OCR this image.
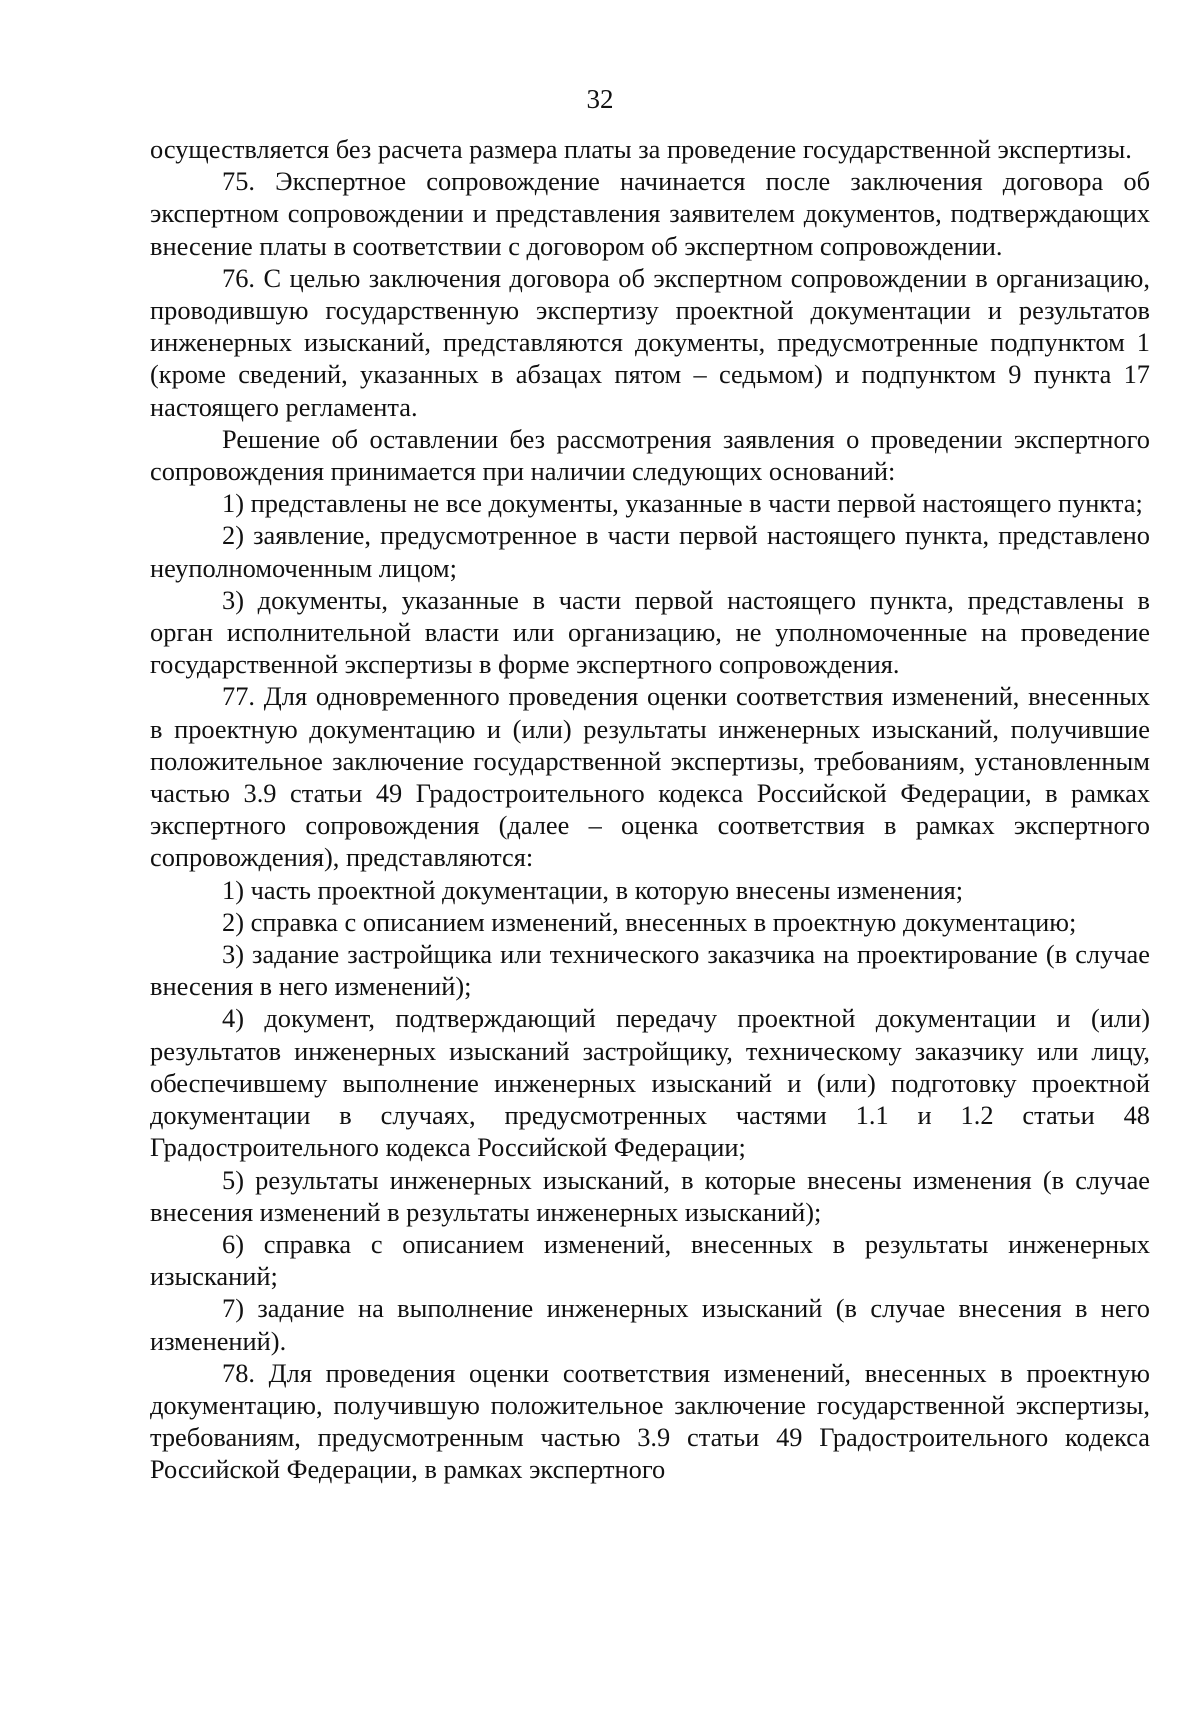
32

осуществляется без расчета размера платы за проведение государственной экспертизы.

75. Экспертное сопровождение начинается после заключения договора об экспертном сопровождении и представления заявителем документов, подтверждающих внесение платы в соответствии с договором об экспертном сопровождении.

76. С целью заключения договора об экспертном сопровождении в организацию, проводившую государственную экспертизу проектной документации и результатов инженерных изысканий, представляются документы, предусмотренные подпунктом 1 (кроме сведений, указанных в абзацах пятом – седьмом) и подпунктом 9 пункта 17 настоящего регламента.

Решение об оставлении без рассмотрения заявления о проведении экспертного сопровождения принимается при наличии следующих оснований:

1) представлены не все документы, указанные в части первой настоящего пункта;

2) заявление, предусмотренное в части первой настоящего пункта, представлено неуполномоченным лицом;

3) документы, указанные в части первой настоящего пункта, представлены в орган исполнительной власти или организацию, не уполномоченные на проведение государственной экспертизы в форме экспертного сопровождения.

77. Для одновременного проведения оценки соответствия изменений, внесенных в проектную документацию и (или) результаты инженерных изысканий, получившие положительное заключение государственной экспертизы, требованиям, установленным частью 3.9 статьи 49 Градостроительного кодекса Российской Федерации, в рамках экспертного сопровождения (далее – оценка соответствия в рамках экспертного сопровождения), представляются:

1) часть проектной документации, в которую внесены изменения;

2) справка с описанием изменений, внесенных в проектную документацию;

3) задание застройщика или технического заказчика на проектирование (в случае внесения в него изменений);

4) документ, подтверждающий передачу проектной документации и (или) результатов инженерных изысканий застройщику, техническому заказчику или лицу, обеспечившему выполнение инженерных изысканий и (или) подготовку проектной документации в случаях, предусмотренных частями 1.1 и 1.2 статьи 48 Градостроительного кодекса Российской Федерации;

5) результаты инженерных изысканий, в которые внесены изменения (в случае внесения изменений в результаты инженерных изысканий);

6) справка с описанием изменений, внесенных в результаты инженерных изысканий;

7) задание на выполнение инженерных изысканий (в случае внесения в него изменений).

78. Для проведения оценки соответствия изменений, внесенных в проектную документацию, получившую положительное заключение государственной экспертизы, требованиям, предусмотренным частью 3.9 статьи 49 Градостроительного кодекса Российской Федерации, в рамках экспертного
